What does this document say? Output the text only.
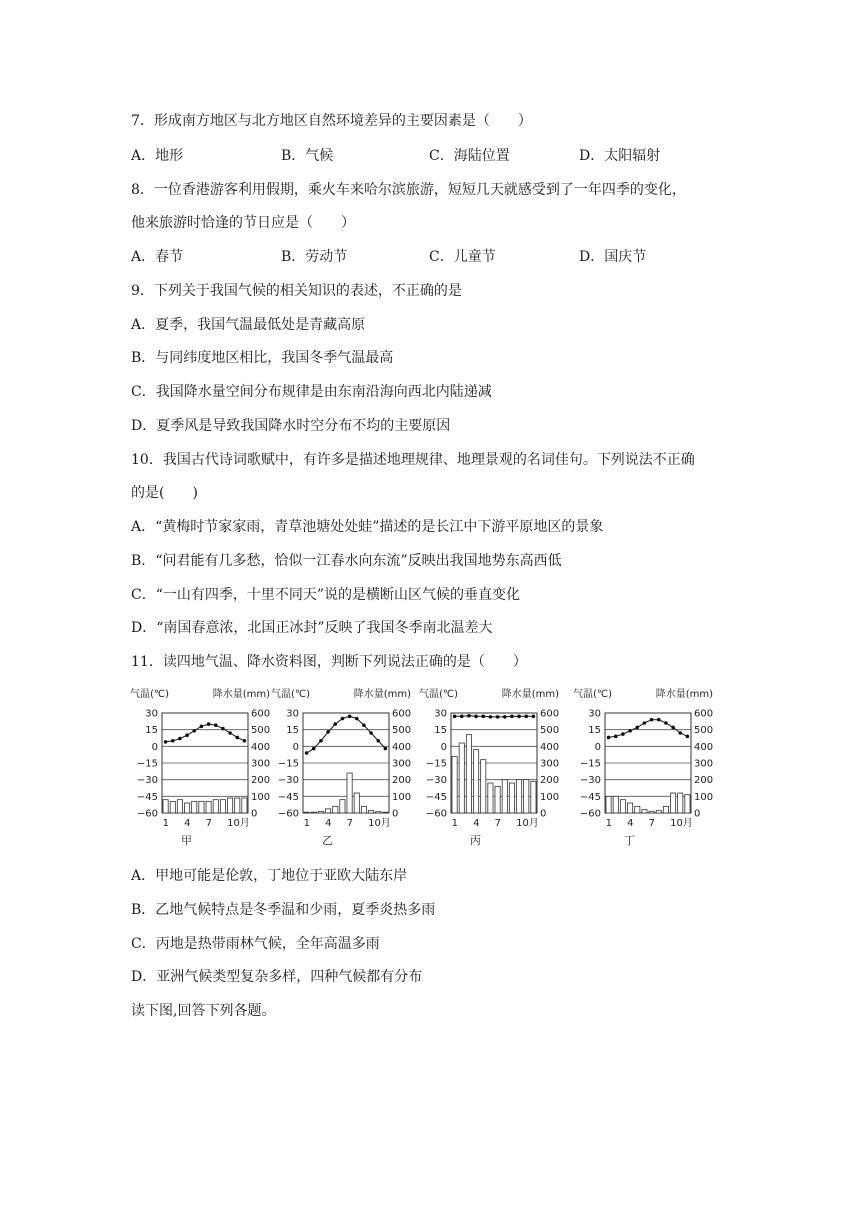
7．形成南方地区与北方地区自然环境差异的主要因素是（　　）
A．地形	B．气候	C．海陆位置	D．太阳辐射
8．一位香港游客利用假期，乘火车来哈尔滨旅游，短短几天就感受到了一年四季的变化，
他来旅游时恰逢的节日应是（　　）
A．春节	B．劳动节	C．儿童节	D．国庆节
9．下列关于我国气候的相关知识的表述，不正确的是
A．夏季，我国气温最低处是青藏高原
B．与同纬度地区相比，我国冬季气温最高
C．我国降水量空间分布规律是由东南沿海向西北内陆递减
D．夏季风是导致我国降水时空分布不均的主要原因
10．我国古代诗词歌赋中，有许多是描述地理规律、地理景观的名词佳句。下列说法不正确
的是(　　)
A．“黄梅时节家家雨，青草池塘处处蛙”描述的是长江中下游平原地区的景象
B．“问君能有几多愁，恰似一江春水向东流”反映出我国地势东高西低
C．“一山有四季，十里不同天”说的是横断山区气候的垂直变化
D．“南国春意浓，北国正冰封”反映了我国冬季南北温差大
11．读四地气温、降水资料图，判断下列说法正确的是（　　）
气温(℃)	降水量(mm)
30	600
15	500
0	400
−15	300
−30	200
−45	100
−60	0
1 4 7 10月
甲
气温(℃)	降水量(mm)
30	600
15	500
0	400
−15	300
−30	200
−45	100
−60	0
1 4 7 10月
乙
气温(℃)	降水量(mm)
30	600
15	500
0	400
−15	300
−30	200
−45	100
−60	0
1 4 7 10月
丙
气温(℃)	降水量(mm)
30	600
15	500
0	400
−15	300
−30	200
−45	100
−60	0
1 4 7 10月
丁
A．甲地可能是伦敦，丁地位于亚欧大陆东岸
B．乙地气候特点是冬季温和少雨，夏季炎热多雨
C．丙地是热带雨林气候，全年高温多雨
D．亚洲气候类型复杂多样，四种气候都有分布
读下图,回答下列各题。
